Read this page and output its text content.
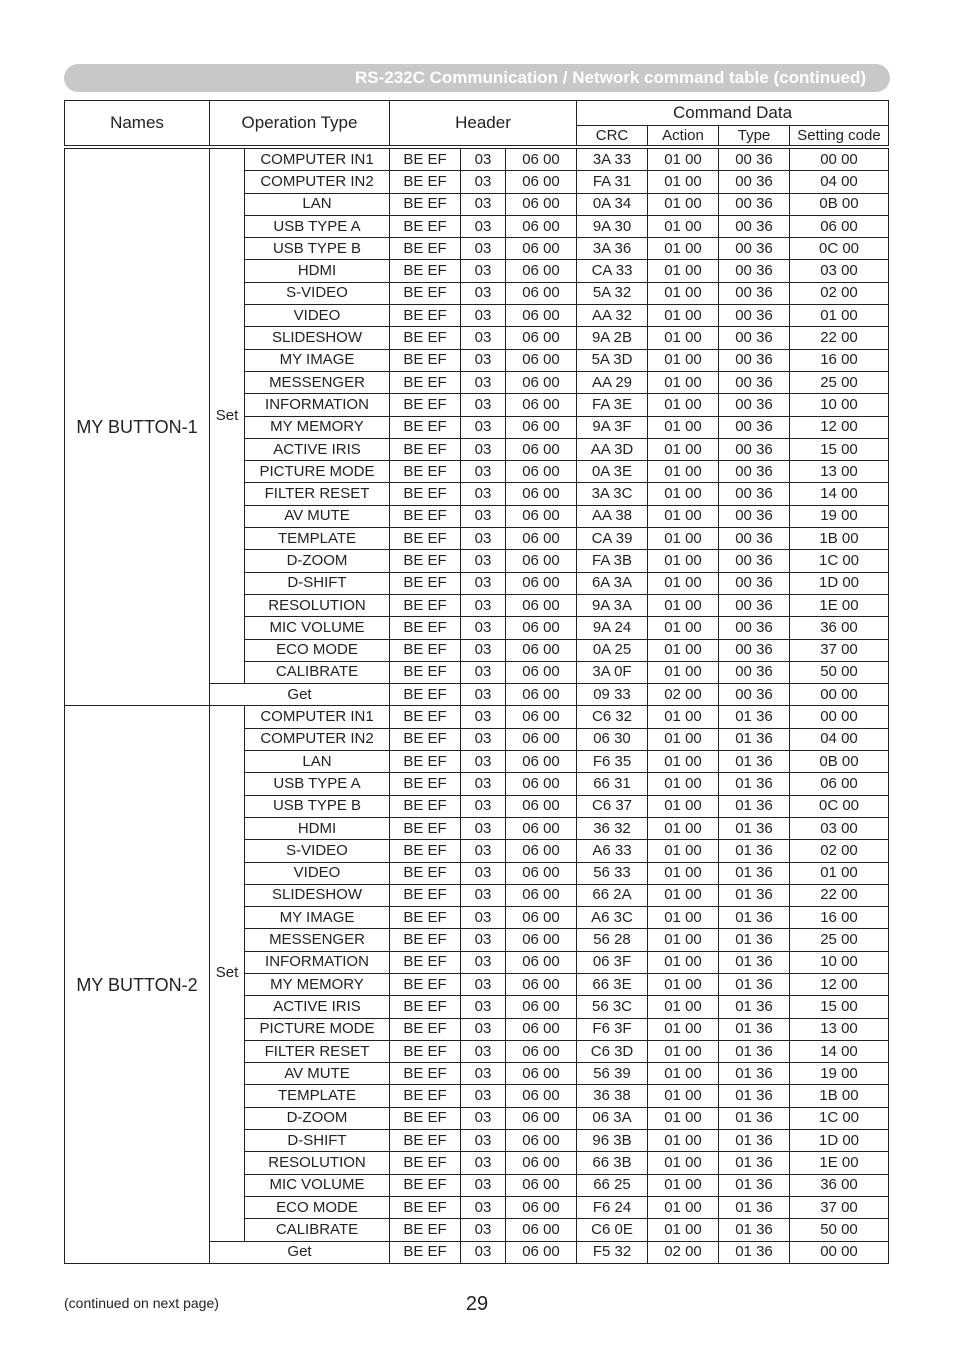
RS-232C Communication / Network command table (continued)
Names	Operation Type		Header			Command Data			
						CRC	Action	Type	Setting code

MY BUTTON-1	Set	COMPUTER IN1	BE EF	03	06 00	3A 33	01 00	00 36	00 00
		COMPUTER IN2	BE EF	03	06 00	FA 31	01 00	00 36	04 00
		LAN	BE EF	03	06 00	0A 34	01 00	00 36	0B 00
		USB TYPE A	BE EF	03	06 00	9A 30	01 00	00 36	06 00
		USB TYPE B	BE EF	03	06 00	3A 36	01 00	00 36	0C 00
		HDMI	BE EF	03	06 00	CA 33	01 00	00 36	03 00
		S-VIDEO	BE EF	03	06 00	5A 32	01 00	00 36	02 00
		VIDEO	BE EF	03	06 00	AA 32	01 00	00 36	01 00
		SLIDESHOW	BE EF	03	06 00	9A 2B	01 00	00 36	22 00
		MY IMAGE	BE EF	03	06 00	5A 3D	01 00	00 36	16 00
		MESSENGER	BE EF	03	06 00	AA 29	01 00	00 36	25 00
		INFORMATION	BE EF	03	06 00	FA 3E	01 00	00 36	10 00
		MY MEMORY	BE EF	03	06 00	9A 3F	01 00	00 36	12 00
		ACTIVE IRIS	BE EF	03	06 00	AA 3D	01 00	00 36	15 00
		PICTURE MODE	BE EF	03	06 00	0A 3E	01 00	00 36	13 00
		FILTER RESET	BE EF	03	06 00	3A 3C	01 00	00 36	14 00
		AV MUTE	BE EF	03	06 00	AA 38	01 00	00 36	19 00
		TEMPLATE	BE EF	03	06 00	CA 39	01 00	00 36	1B 00
		D-ZOOM	BE EF	03	06 00	FA 3B	01 00	00 36	1C 00
		D-SHIFT	BE EF	03	06 00	6A 3A	01 00	00 36	1D 00
		RESOLUTION	BE EF	03	06 00	9A 3A	01 00	00 36	1E 00
		MIC VOLUME	BE EF	03	06 00	9A 24	01 00	00 36	36 00
		ECO MODE	BE EF	03	06 00	0A 25	01 00	00 36	37 00
		CALIBRATE	BE EF	03	06 00	3A 0F	01 00	00 36	50 00
	Get		BE EF	03	06 00	09 33	02 00	00 36	00 00
MY BUTTON-2	Set	COMPUTER IN1	BE EF	03	06 00	C6 32	01 00	01 36	00 00
		COMPUTER IN2	BE EF	03	06 00	06 30	01 00	01 36	04 00
		LAN	BE EF	03	06 00	F6 35	01 00	01 36	0B 00
		USB TYPE A	BE EF	03	06 00	66 31	01 00	01 36	06 00
		USB TYPE B	BE EF	03	06 00	C6 37	01 00	01 36	0C 00
		HDMI	BE EF	03	06 00	36 32	01 00	01 36	03 00
		S-VIDEO	BE EF	03	06 00	A6 33	01 00	01 36	02 00
		VIDEO	BE EF	03	06 00	56 33	01 00	01 36	01 00
		SLIDESHOW	BE EF	03	06 00	66 2A	01 00	01 36	22 00
		MY IMAGE	BE EF	03	06 00	A6 3C	01 00	01 36	16 00
		MESSENGER	BE EF	03	06 00	56 28	01 00	01 36	25 00
		INFORMATION	BE EF	03	06 00	06 3F	01 00	01 36	10 00
		MY MEMORY	BE EF	03	06 00	66 3E	01 00	01 36	12 00
		ACTIVE IRIS	BE EF	03	06 00	56 3C	01 00	01 36	15 00
		PICTURE MODE	BE EF	03	06 00	F6 3F	01 00	01 36	13 00
		FILTER RESET	BE EF	03	06 00	C6 3D	01 00	01 36	14 00
		AV MUTE	BE EF	03	06 00	56 39	01 00	01 36	19 00
		TEMPLATE	BE EF	03	06 00	36 38	01 00	01 36	1B 00
		D-ZOOM	BE EF	03	06 00	06 3A	01 00	01 36	1C 00
		D-SHIFT	BE EF	03	06 00	96 3B	01 00	01 36	1D 00
		RESOLUTION	BE EF	03	06 00	66 3B	01 00	01 36	1E 00
		MIC VOLUME	BE EF	03	06 00	66 25	01 00	01 36	36 00
		ECO MODE	BE EF	03	06 00	F6 24	01 00	01 36	37 00
		CALIBRATE	BE EF	03	06 00	C6 0E	01 00	01 36	50 00
	Get		BE EF	03	06 00	F5 32	02 00	01 36	00 00
(continued on next page)	29
